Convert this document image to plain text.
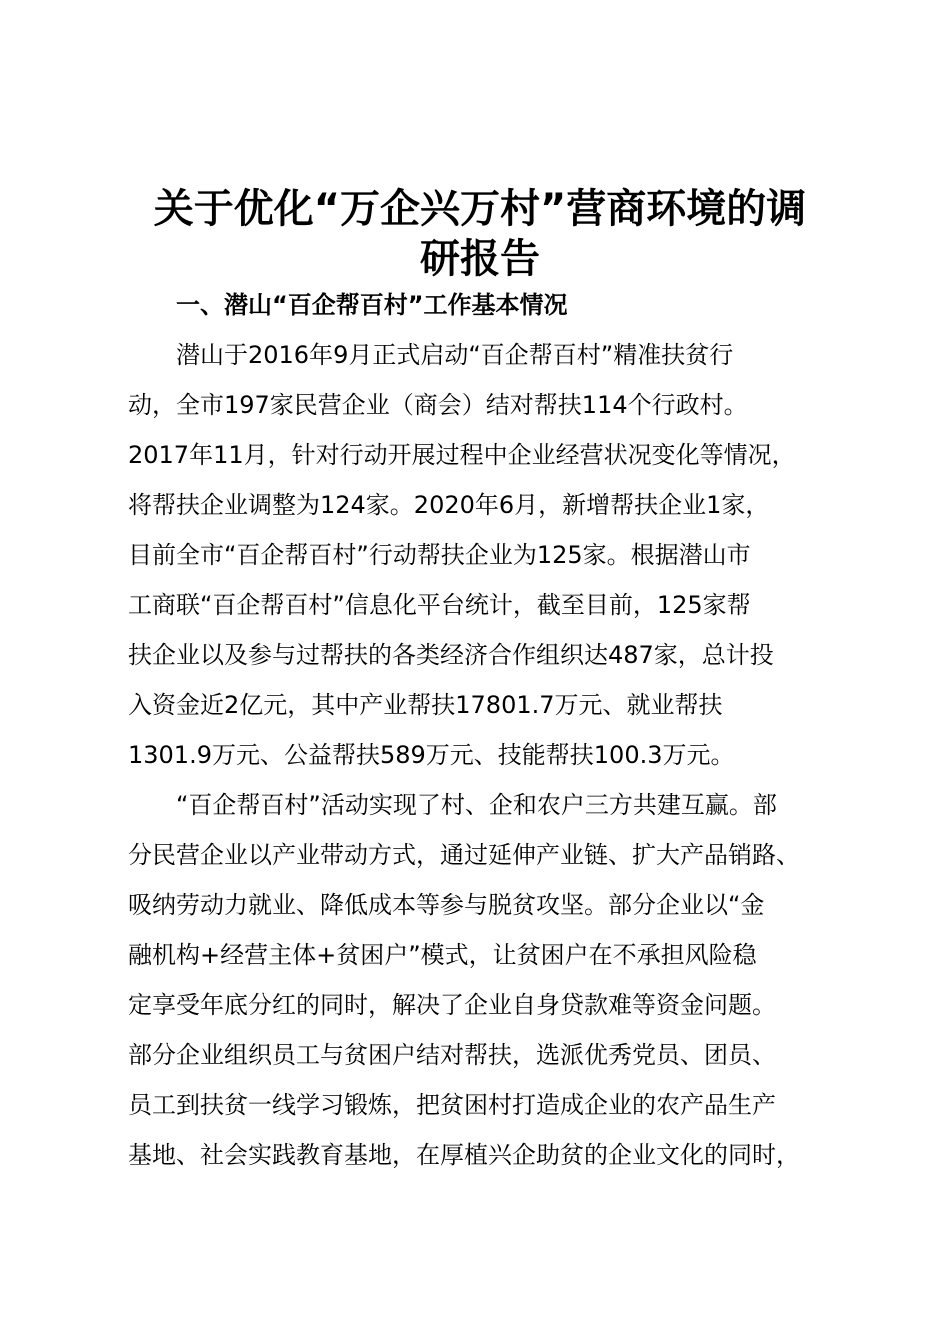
关于优化“万企兴万村”营商环境的调
研报告
一、潜山“百企帮百村”工作基本情况
　　潜山于2016年9月正式启动“百企帮百村”精准扶贫行
动，全市197家民营企业（商会）结对帮扶114个行政村。
2017年11月，针对行动开展过程中企业经营状况变化等情况，
将帮扶企业调整为124家。2020年6月，新增帮扶企业1家，
目前全市“百企帮百村”行动帮扶企业为125家。根据潜山市
工商联“百企帮百村”信息化平台统计，截至目前，125家帮
扶企业以及参与过帮扶的各类经济合作组织达487家，总计投
入资金近2亿元，其中产业帮扶17801.7万元、就业帮扶
1301.9万元、公益帮扶589万元、技能帮扶100.3万元。
　　“百企帮百村”活动实现了村、企和农户三方共建互赢。部
分民营企业以产业带动方式，通过延伸产业链、扩大产品销路、
吸纳劳动力就业、降低成本等参与脱贫攻坚。部分企业以“金
融机构+经营主体+贫困户”模式，让贫困户在不承担风险稳
定享受年底分红的同时，解决了企业自身贷款难等资金问题。
部分企业组织员工与贫困户结对帮扶，选派优秀党员、团员、
员工到扶贫一线学习锻炼，把贫困村打造成企业的农产品生产
基地、社会实践教育基地，在厚植兴企助贫的企业文化的同时，
